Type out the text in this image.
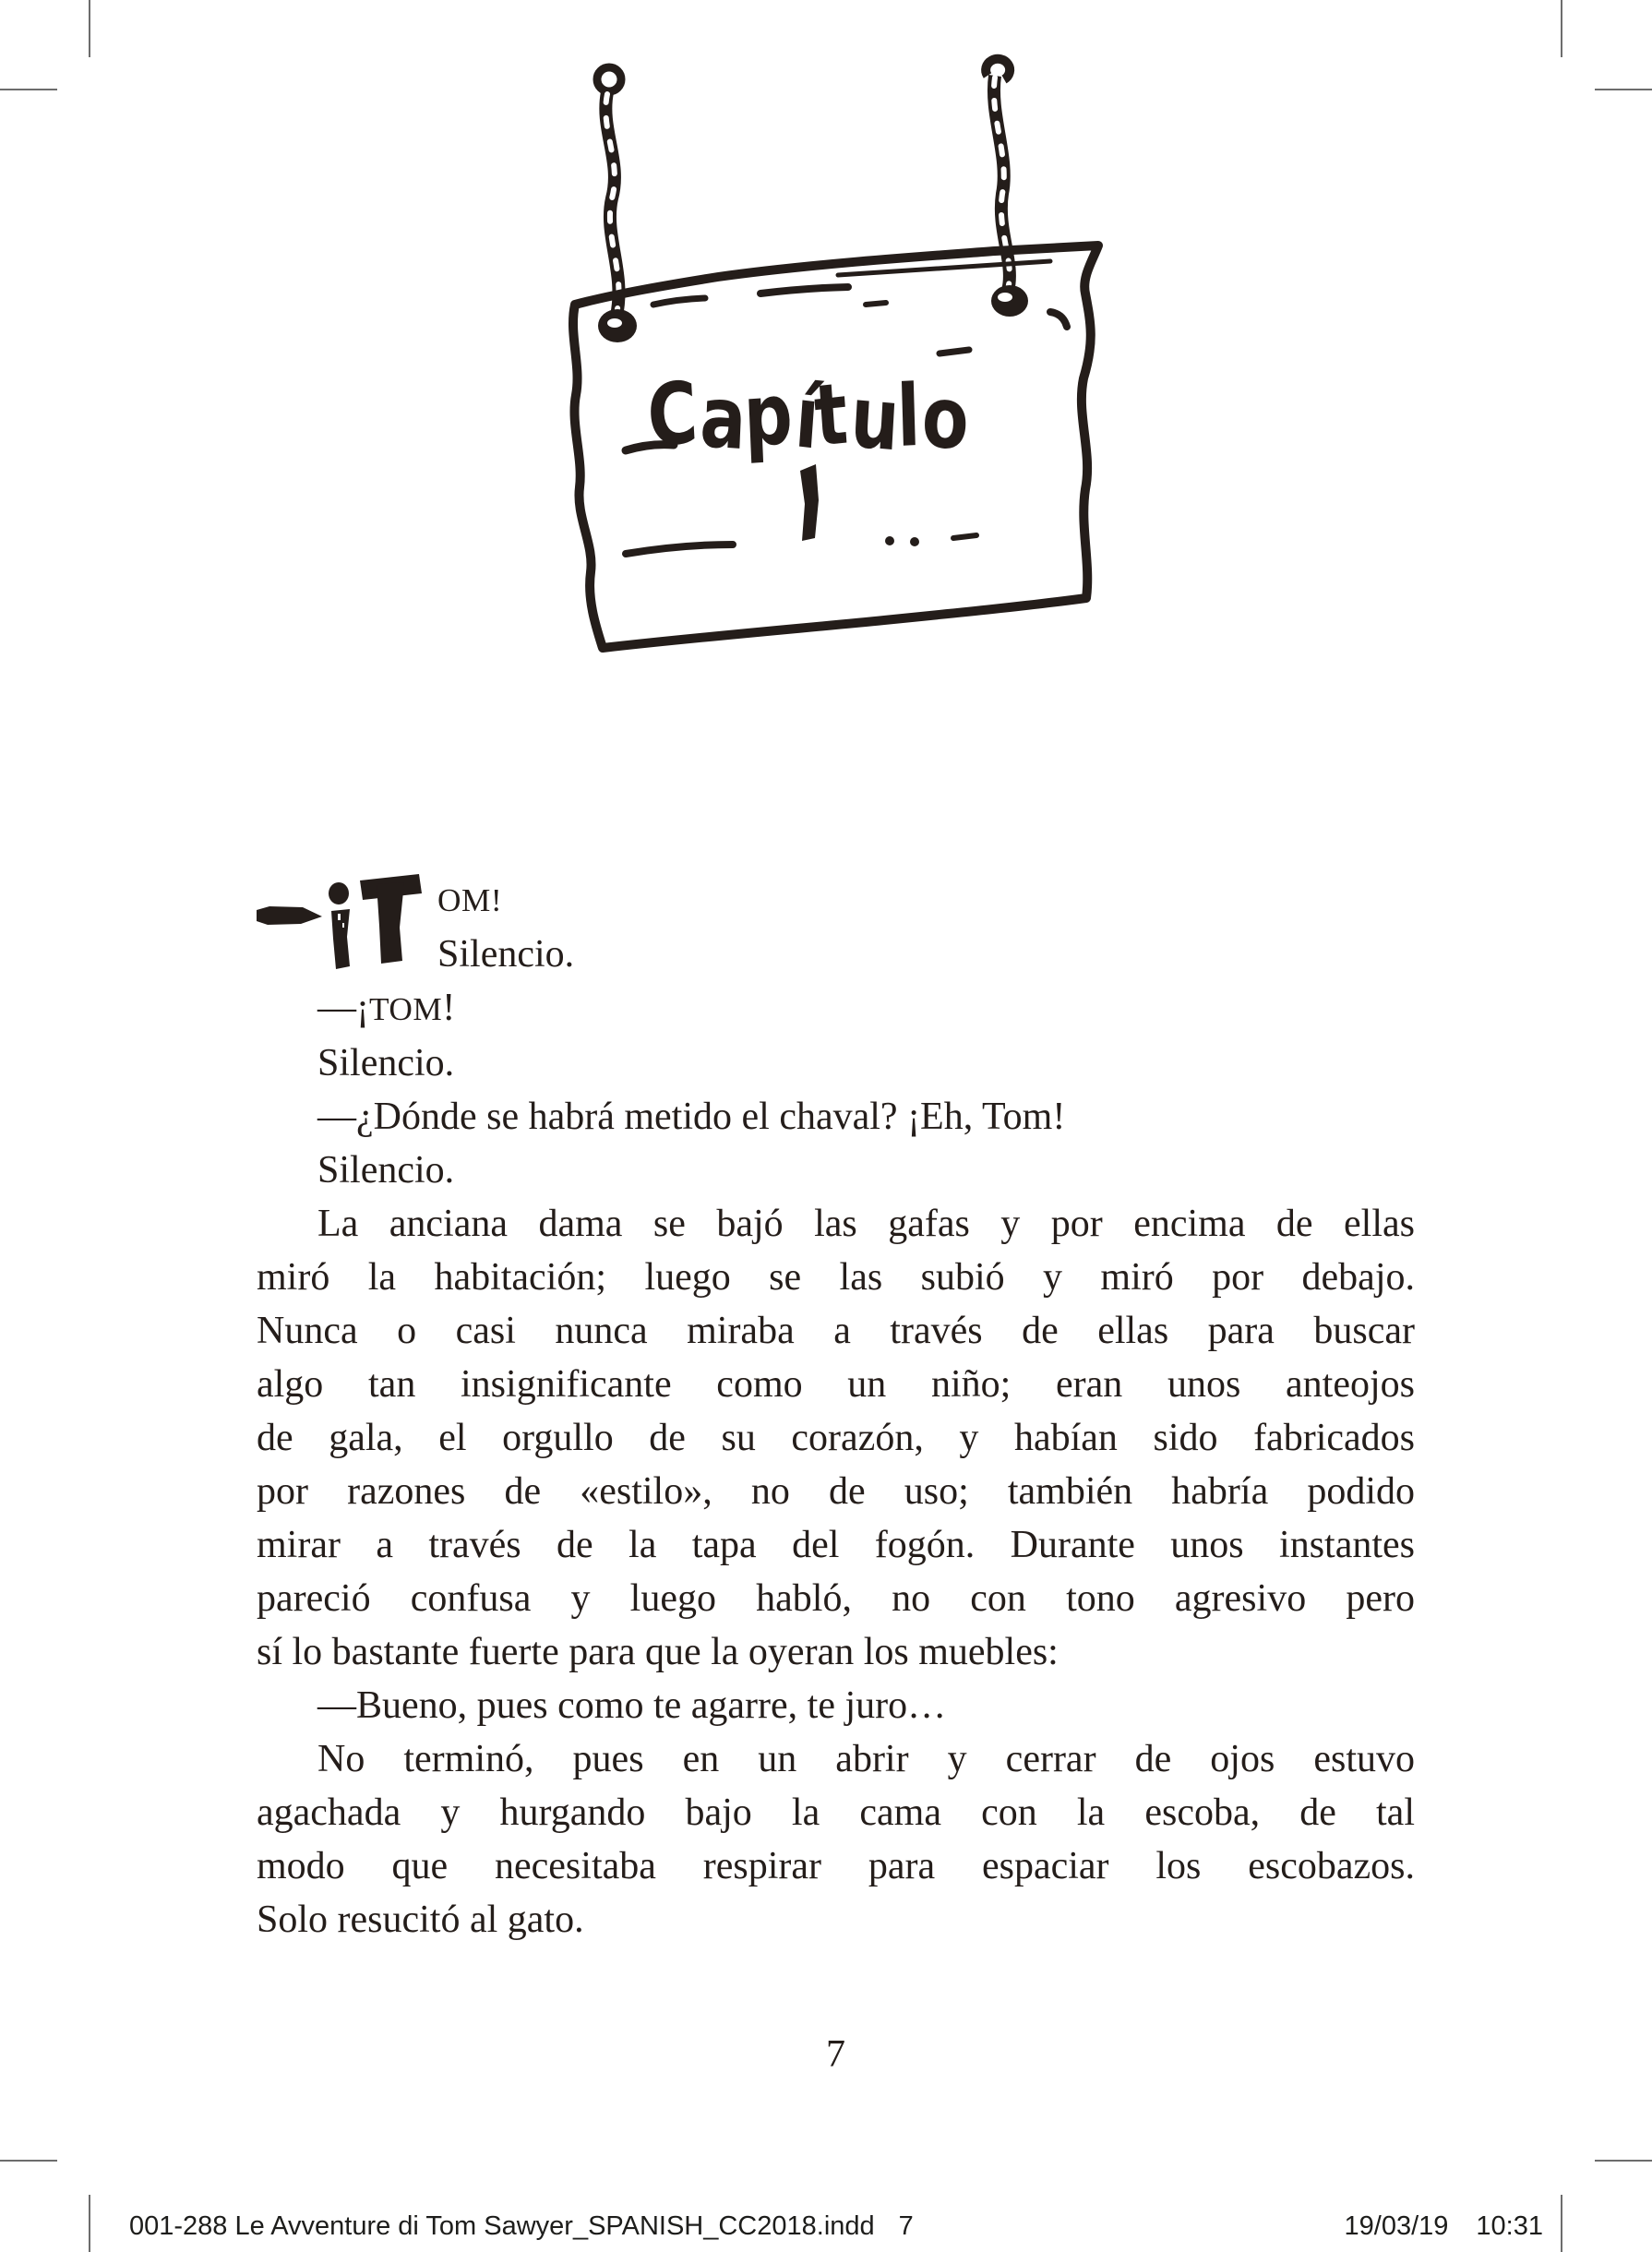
Capítulo
OM!
Silencio.
—¡TOM!
Silencio.
—¿Dónde se habrá metido el chaval? ¡Eh, Tom!
Silencio.
La anciana dama se bajó las gafas y por encima de ellas
miró la habitación; luego se las subió y miró por debajo.
Nunca o casi nunca miraba a través de ellas para buscar
algo tan insignificante como un niño; eran unos anteojos
de gala, el orgullo de su corazón, y habían sido fabricados
por razones de «estilo», no de uso; también habría podido
mirar a través de la tapa del fogón. Durante unos instantes
pareció confusa y luego habló, no con tono agresivo pero
sí lo bastante fuerte para que la oyeran los muebles:
—Bueno, pues como te agarre, te juro…
No terminó, pues en un abrir y cerrar de ojos estuvo
agachada y hurgando bajo la cama con la escoba, de tal
modo que necesitaba respirar para espaciar los escobazos.
Solo resucitó al gato.
7
001-288 Le Avventure di Tom Sawyer_SPANISH_CC2018.indd 7	19/03/19 10:31
